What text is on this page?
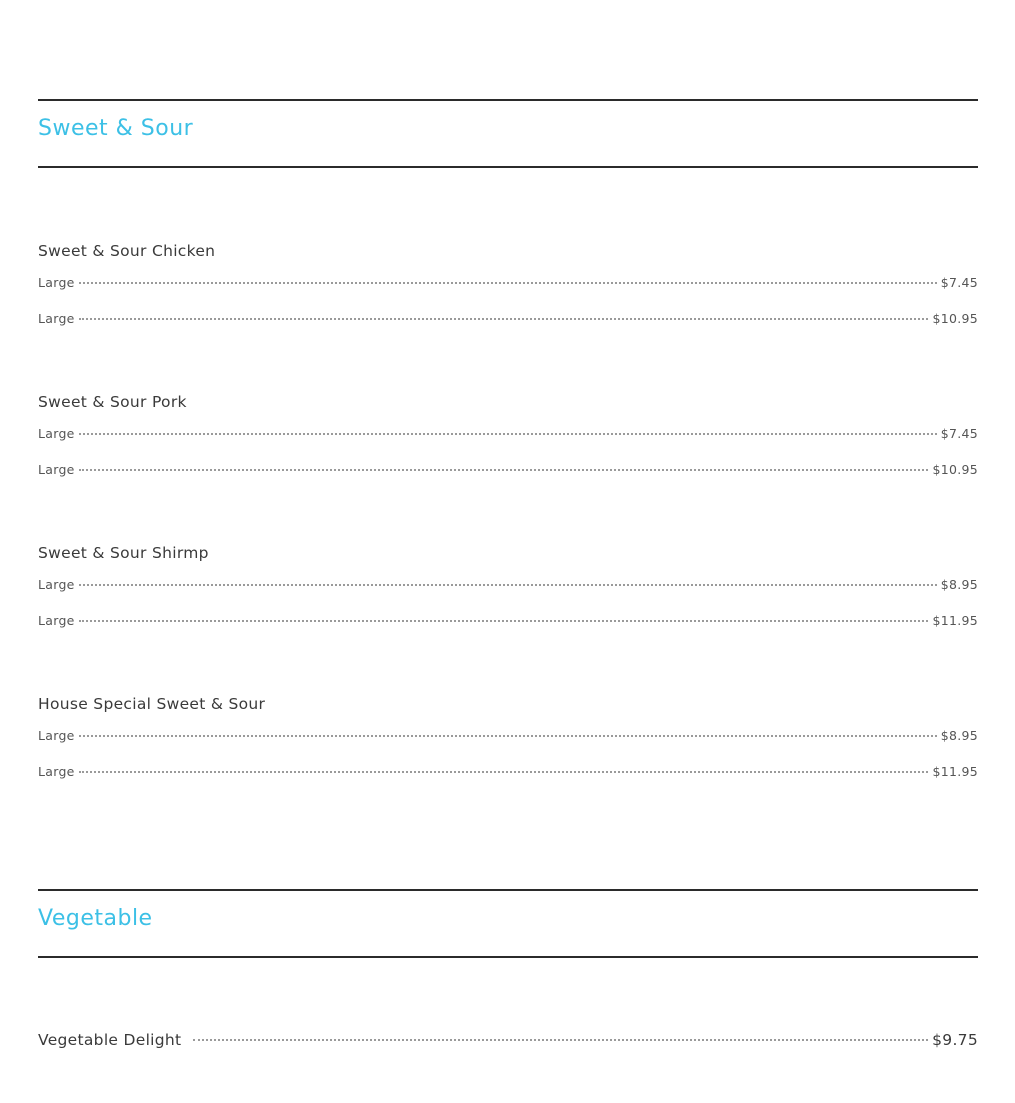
Sweet & Sour
Sweet & Sour Chicken
Large	$7.45
Large	$10.95
Sweet & Sour Pork
Large	$7.45
Large	$10.95
Sweet & Sour Shirmp
Large	$8.95
Large	$11.95
House Special Sweet & Sour
Large	$8.95
Large	$11.95
Vegetable
Vegetable Delight	$9.75
